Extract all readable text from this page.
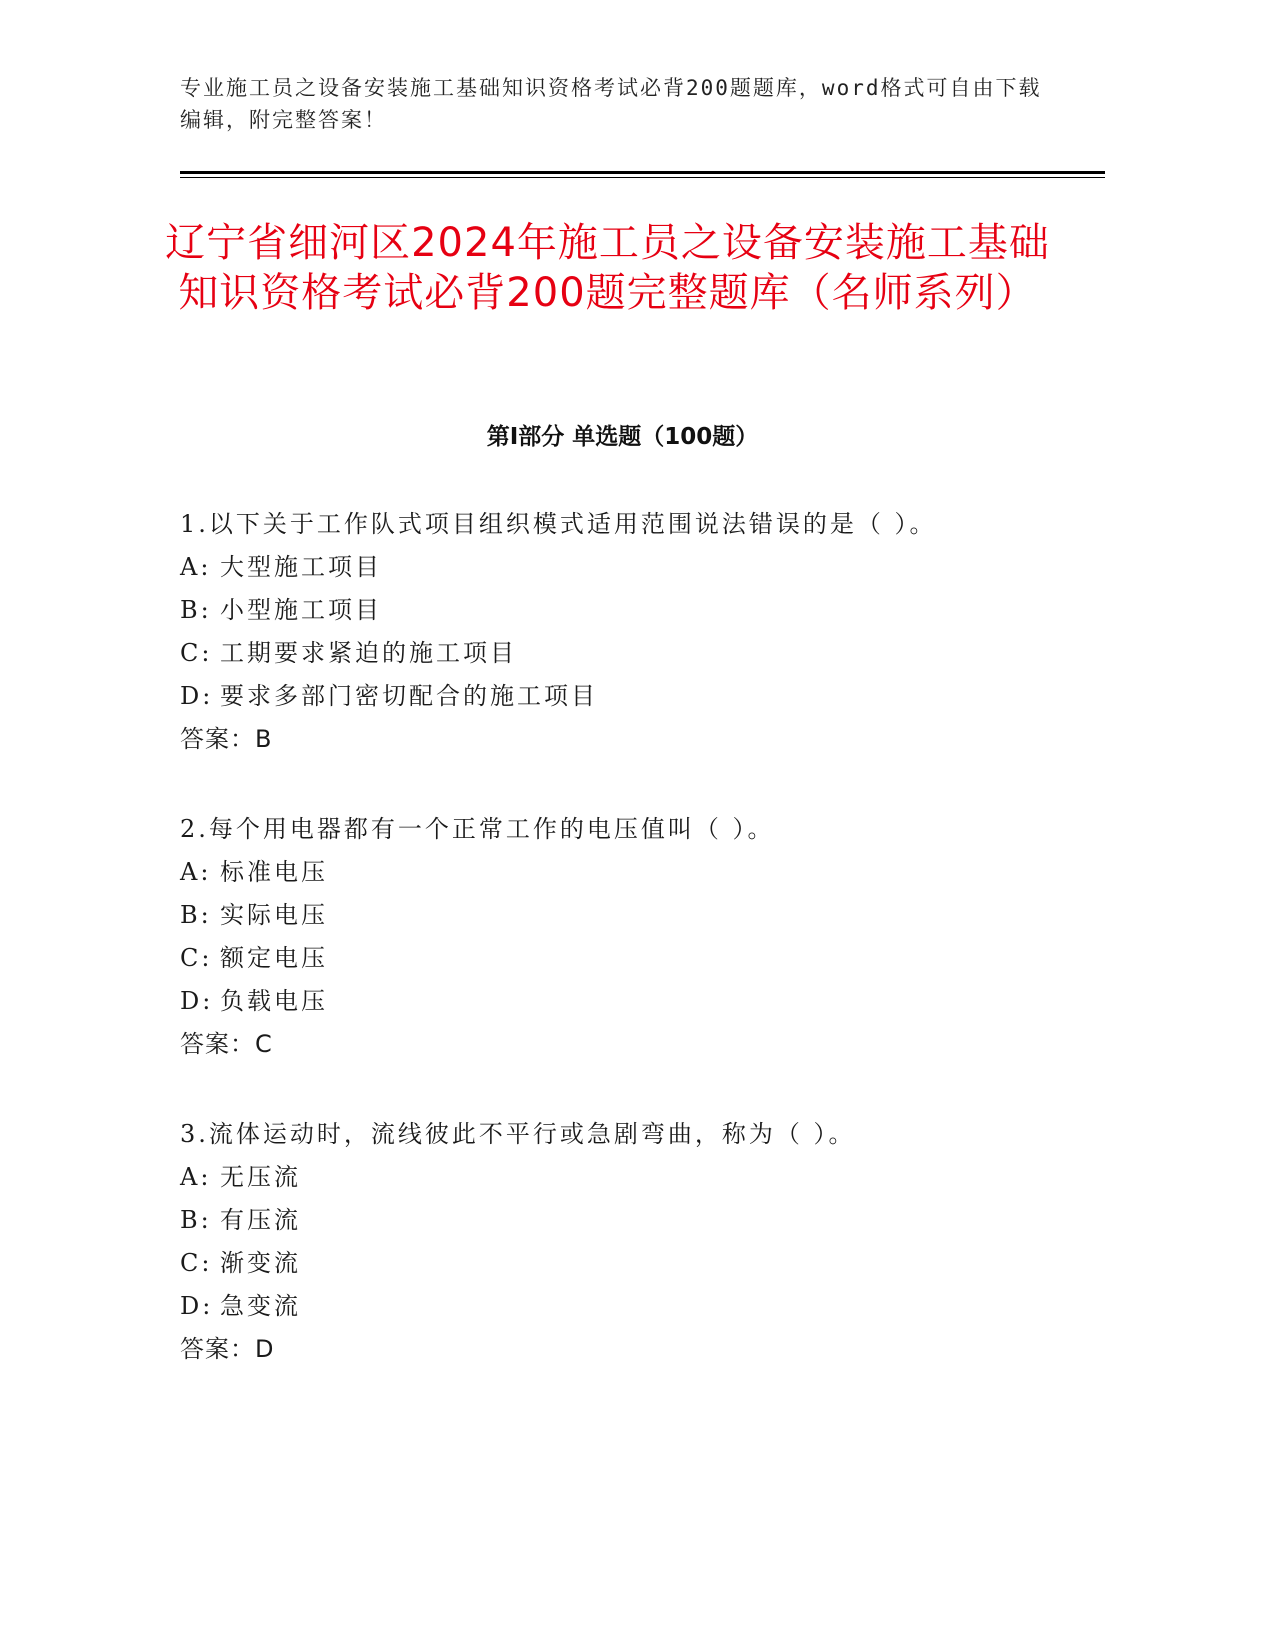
专业施工员之设备安装施工基础知识资格考试必背200题题库，word格式可自由下载编辑，附完整答案！
辽宁省细河区2024年施工员之设备安装施工基础知识资格考试必背200题完整题库（名师系列）
第Ⅰ部分 单选题（100题）
1.以下关于工作队式项目组织模式适用范围说法错误的是（ ）。
A: 大型施工项目
B: 小型施工项目
C: 工期要求紧迫的施工项目
D: 要求多部门密切配合的施工项目
答案：B
2.每个用电器都有一个正常工作的电压值叫（ ）。
A: 标准电压
B: 实际电压
C: 额定电压
D: 负载电压
答案：C
3.流体运动时，流线彼此不平行或急剧弯曲，称为（ ）。
A: 无压流
B: 有压流
C: 渐变流
D: 急变流
答案：D
